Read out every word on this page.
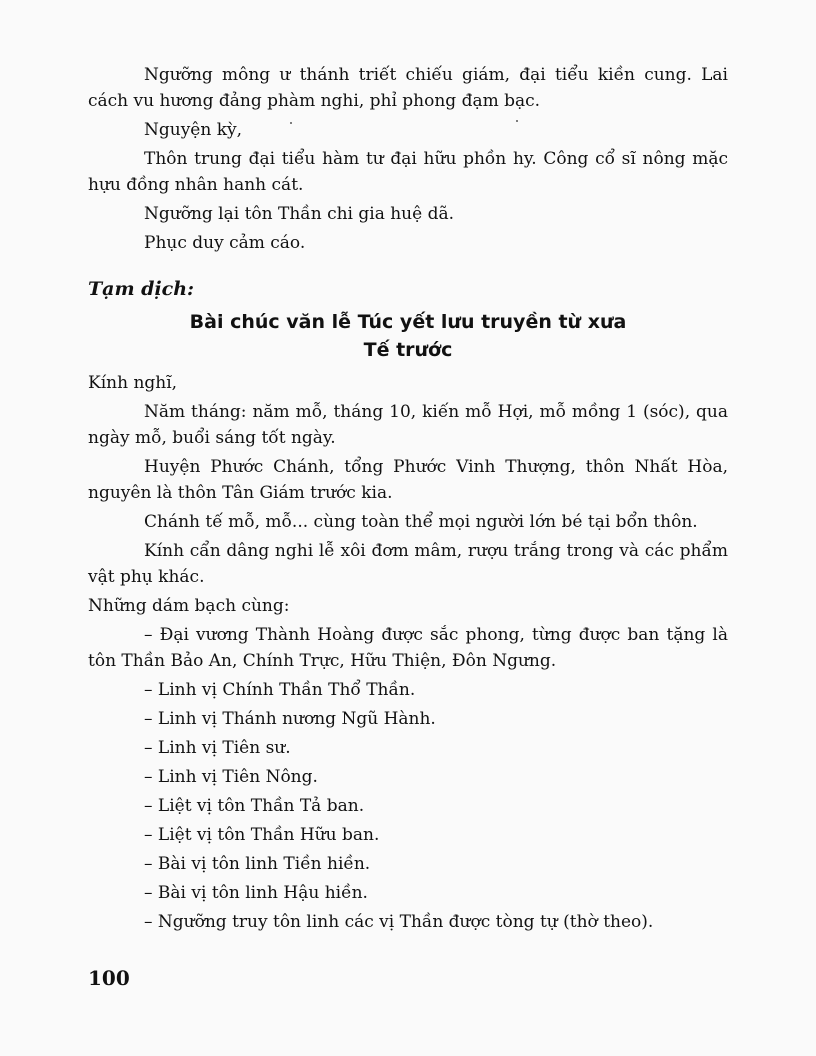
Ngưỡng mông ư thánh triết chiếu giám, đại tiểu kiền cung. Lai cách vu hương đảng phàm nghi, phỉ phong đạm bạc.

Nguyện kỳ,

Thôn trung đại tiểu hàm tư đại hữu phồn hy. Công cổ sĩ nông mặc hựu đồng nhân hanh cát.

Ngưỡng lại tôn Thần chi gia huệ dã.

Phục duy cảm cáo.

Tạm dịch:
Bài chúc văn lễ Túc yết lưu truyền từ xưa
Tế trước

Kính nghĩ,

Năm tháng: năm mỗ, tháng 10, kiến mỗ Hợi, mỗ mồng 1 (sóc), qua ngày mỗ, buổi sáng tốt ngày.

Huyện Phước Chánh, tổng Phước Vinh Thượng, thôn Nhất Hòa, nguyên là thôn Tân Giám trước kia.

Chánh tế mỗ, mỗ... cùng toàn thể mọi người lớn bé tại bổn thôn.

Kính cẩn dâng nghi lễ xôi đơm mâm, rượu trắng trong và các phẩm vật phụ khác.

Những dám bạch cùng:

– Đại vương Thành Hoàng được sắc phong, từng được ban tặng là tôn Thần Bảo An, Chính Trực, Hữu Thiện, Đôn Ngưng.

– Linh vị Chính Thần Thổ Thần.

– Linh vị Thánh nương Ngũ Hành.

– Linh vị Tiên sư.

– Linh vị Tiên Nông.

– Liệt vị tôn Thần Tả ban.

– Liệt vị tôn Thần Hữu ban.

– Bài vị tôn linh Tiền hiền.

– Bài vị tôn linh Hậu hiền.

– Ngưỡng truy tôn linh các vị Thần được tòng tự (thờ theo).

100
